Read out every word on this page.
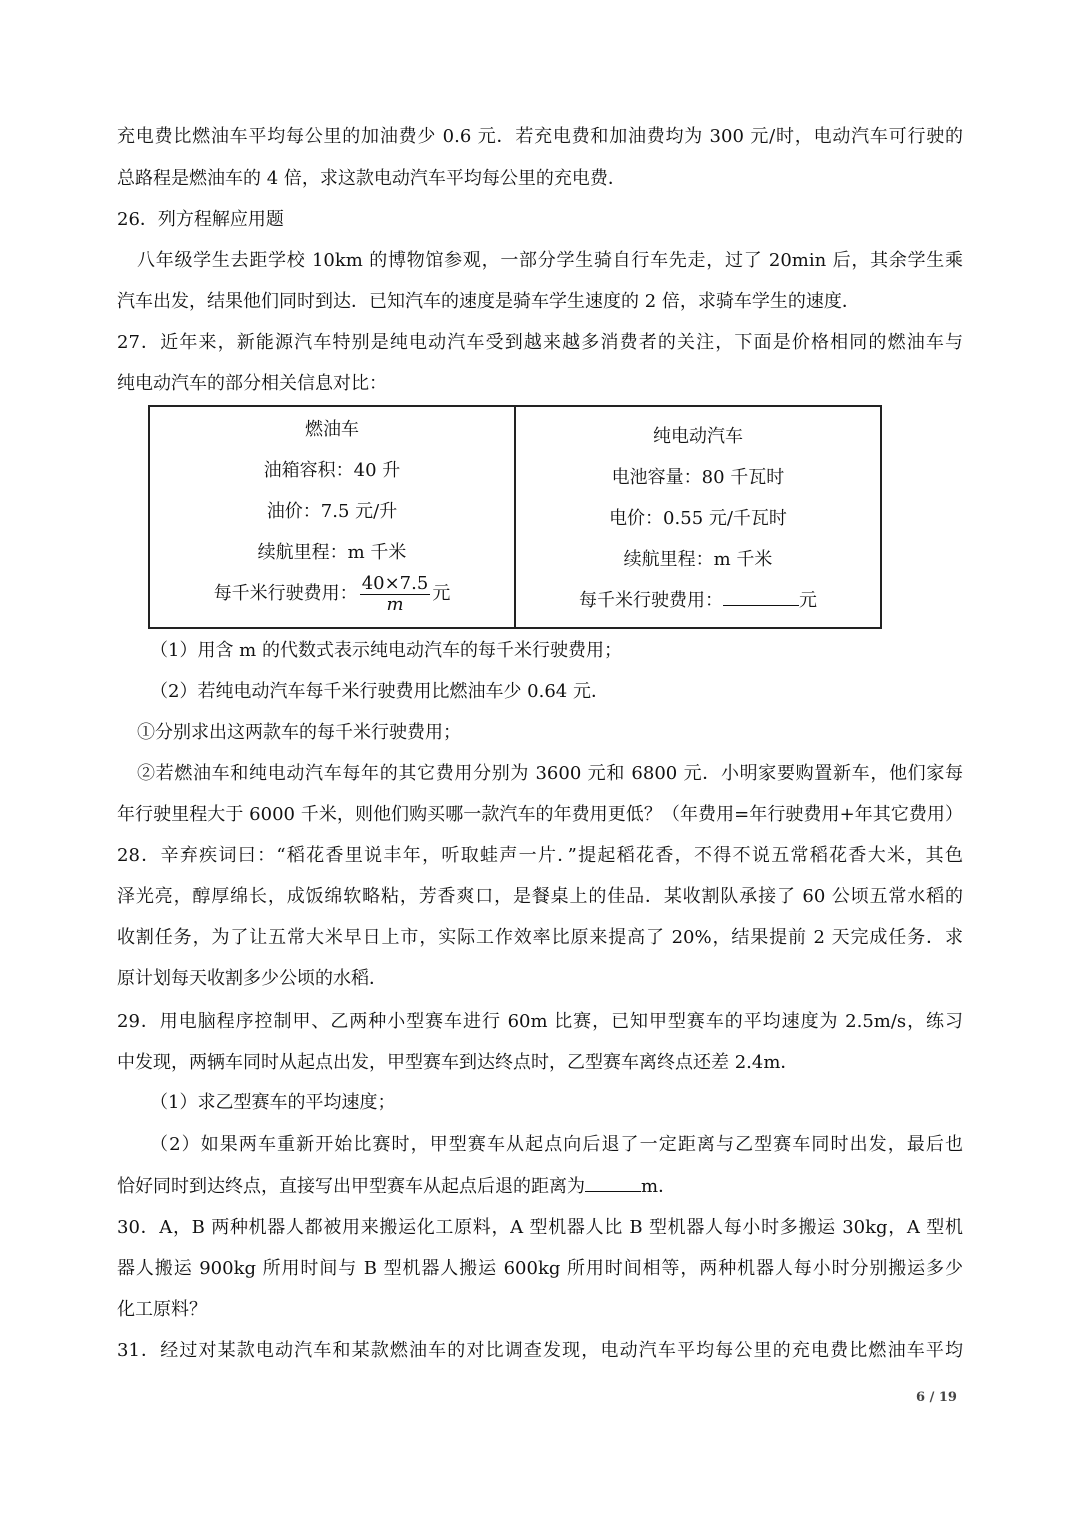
充电费比燃油车平均每公里的加油费少 0.6 元．若充电费和加油费均为 300 元/时，电动汽车可行驶的
总路程是燃油车的 4 倍，求这款电动汽车平均每公里的充电费．
26．列方程解应用题
八年级学生去距学校 10km 的博物馆参观，一部分学生骑自行车先走，过了 20min 后，其余学生乘
汽车出发，结果他们同时到达．已知汽车的速度是骑车学生速度的 2 倍，求骑车学生的速度．
27．近年来，新能源汽车特别是纯电动汽车受到越来越多消费者的关注，下面是价格相同的燃油车与
纯电动汽车的部分相关信息对比：
燃油车
油箱容积：40 升
油价：7.5 元/升
续航里程：m 千米
每千米行驶费用： $\frac{40\times 7.5}{m}$ 元

纯电动汽车
电池容量：80 千瓦时
电价：0.55 元/千瓦时
续航里程：m 千米
每千米行驶费用：	元
（1）用含 m 的代数式表示纯电动汽车的每千米行驶费用；
（2）若纯电动汽车每千米行驶费用比燃油车少 0.64 元．
①分别求出这两款车的每千米行驶费用；
②若燃油车和纯电动汽车每年的其它费用分别为 3600 元和 6800 元．小明家要购置新车，他们家每
年行驶里程大于 6000 千米，则他们购买哪一款汽车的年费用更低？（年费用=年行驶费用+年其它费用）
28．辛弃疾词曰：“稻花香里说丰年，听取蛙声一片．”提起稻花香，不得不说五常稻花香大米，其色
泽光亮，醇厚绵长，成饭绵软略粘，芳香爽口，是餐桌上的佳品．某收割队承接了 60 公顷五常水稻的
收割任务，为了让五常大米早日上市，实际工作效率比原来提高了 20%，结果提前 2 天完成任务．求
原计划每天收割多少公顷的水稻．
29．用电脑程序控制甲、乙两种小型赛车进行 60m 比赛，已知甲型赛车的平均速度为 2.5m/s，练习
中发现，两辆车同时从起点出发，甲型赛车到达终点时，乙型赛车离终点还差 2.4m．
（1）求乙型赛车的平均速度；
（2）如果两车重新开始比赛时，甲型赛车从起点向后退了一定距离与乙型赛车同时出发，最后也
恰好同时到达终点，直接写出甲型赛车从起点后退的距离为	m．
30．A，B 两种机器人都被用来搬运化工原料，A 型机器人比 B 型机器人每小时多搬运 30kg，A 型机
器人搬运 900kg 所用时间与 B 型机器人搬运 600kg 所用时间相等，两种机器人每小时分别搬运多少
化工原料？
31．经过对某款电动汽车和某款燃油车的对比调查发现，电动汽车平均每公里的充电费比燃油车平均
6 / 19
